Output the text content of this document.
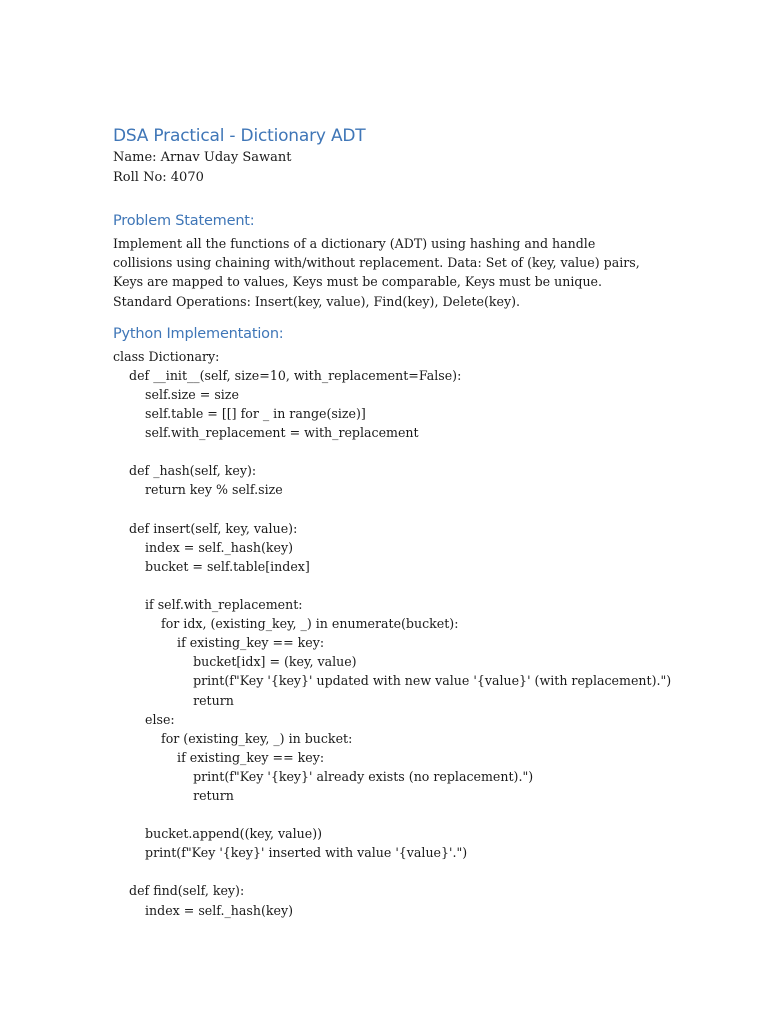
DSA Practical - Dictionary ADT

Name: Arnav Uday Sawant

Roll No: 4070

Problem Statement:

Implement all the functions of a dictionary (ADT) using hashing and handle collisions using chaining with/without replacement. Data: Set of (key, value) pairs, Keys are mapped to values, Keys must be comparable, Keys must be unique. Standard Operations: Insert(key, value), Find(key), Delete(key).

Python Implementation:
class Dictionary:
def __init__(self, size=10, with_replacement=False):
self.size = size
self.table = [[] for _ in range(size)]
self.with_replacement = with_replacement
def _hash(self, key):
return key % self.size
def insert(self, key, value):
index = self._hash(key)
bucket = self.table[index]
if self.with_replacement:
for idx, (existing_key, _) in enumerate(bucket):
if existing_key == key:
bucket[idx] = (key, value)
print(f"Key '{key}' updated with new value '{value}' (with replacement).")
return
else:
for (existing_key, _) in bucket:
if existing_key == key:
print(f"Key '{key}' already exists (no replacement).")
return
bucket.append((key, value))
print(f"Key '{key}' inserted with value '{value}'.")
def find(self, key):
index = self._hash(key)
